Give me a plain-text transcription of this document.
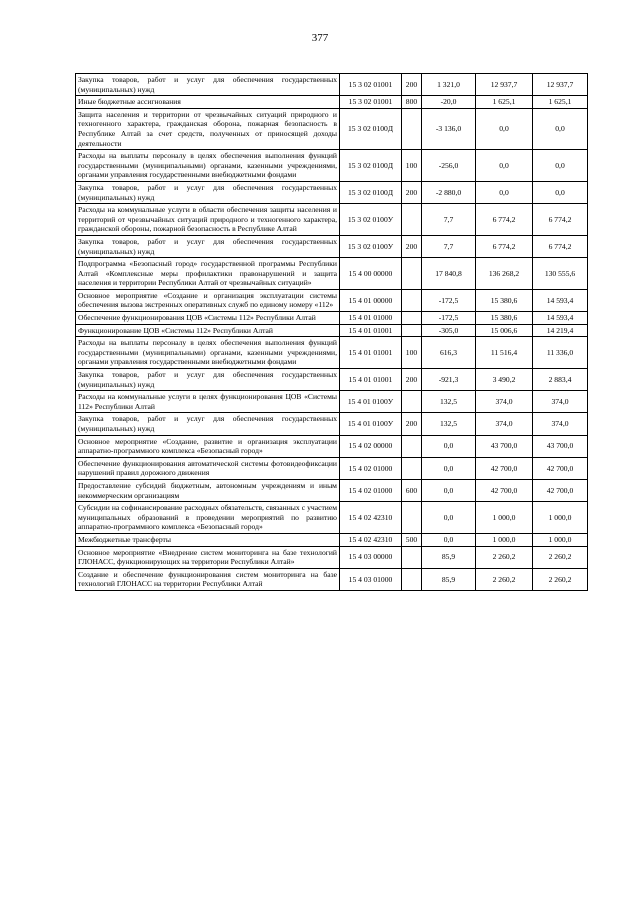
377
Закупка товаров, работ и услуг для обеспечения государственных (муниципальных) нужд	15 3 02 01001	200	1 321,0	12 937,7	12 937,7
Иные бюджетные ассигнования	15 3 02 01001	800	-20,0	1 625,1	1 625,1
Защита населения и территории от чрезвычайных ситуаций природного и техногенного характера, гражданская оборона, пожарная безопасность в Республике Алтай за счет средств, полученных от приносящей доходы деятельности	15 3 02 0100Д		-3 136,0	0,0	0,0
Расходы на выплаты персоналу в целях обеспечения выполнения функций государственными (муниципальными) органами, казенными учреждениями, органами управления государственными внебюджетными фондами	15 3 02 0100Д	100	-256,0	0,0	0,0
Закупка товаров, работ и услуг для обеспечения государственных (муниципальных) нужд	15 3 02 0100Д	200	-2 880,0	0,0	0,0
Расходы на коммунальные услуги в области обеспечения защиты населения и территорий от чрезвычайных ситуаций природного и техногенного характера, гражданской обороны, пожарной безопасность в Республике Алтай	15 3 02 0100У		7,7	6 774,2	6 774,2
Закупка товаров, работ и услуг для обеспечения государственных (муниципальных) нужд	15 3 02 0100У	200	7,7	6 774,2	6 774,2
Подпрограмма «Безопасный город» государственной программы Республики Алтай «Комплексные меры профилактики правонарушений и защита населения и территории Республики Алтай от чрезвычайных ситуаций»	15 4 00 00000		17 840,8	136 268,2	130 555,6
Основное мероприятие «Создание и организация эксплуатации системы обеспечения вызова экстренных оперативных служб по единому номеру «112»	15 4 01 00000		-172,5	15 380,6	14 593,4
Обеспечение функционирования ЦОВ «Системы 112» Республики Алтай	15 4 01 01000		-172,5	15 380,6	14 593,4
Функционирование ЦОВ «Системы 112» Республики Алтай	15 4 01 01001		-305,0	15 006,6	14 219,4
Расходы на выплаты персоналу в целях обеспечения выполнения функций государственными (муниципальными) органами, казенными учреждениями, органами управления государственными внебюджетными фондами	15 4 01 01001	100	616,3	11 516,4	11 336,0
Закупка товаров, работ и услуг для обеспечения государственных (муниципальных) нужд	15 4 01 01001	200	-921,3	3 490,2	2 883,4
Расходы на коммунальные услуги в целях функционирования ЦОВ «Системы 112» Республики Алтай	15 4 01 0100У		132,5	374,0	374,0
Закупка товаров, работ и услуг для обеспечения государственных (муниципальных) нужд	15 4 01 0100У	200	132,5	374,0	374,0
Основное мероприятие «Создание, развитие и организация эксплуатации аппаратно-программного комплекса «Безопасный город»	15 4 02 00000		0,0	43 700,0	43 700,0
Обеспечение функционирования автоматической системы фотовидеофиксации нарушений правил дорожного движения	15 4 02 01000		0,0	42 700,0	42 700,0
Предоставление субсидий бюджетным, автономным учреждениям и иным некоммерческим организациям	15 4 02 01000	600	0,0	42 700,0	42 700,0
Субсидии на софинансирование расходных обязательств, связанных с участием муниципальных образований в проведении мероприятий по развитию аппаратно-программного комплекса «Безопасный город»	15 4 02 42310		0,0	1 000,0	1 000,0
Межбюджетные трансферты	15 4 02 42310	500	0,0	1 000,0	1 000,0
Основное мероприятие «Внедрение систем мониторинга на базе технологий ГЛОНАСС, функционирующих на территории Республики Алтай»	15 4 03 00000		85,9	2 260,2	2 260,2
Создание и обеспечение функционирования систем мониторинга на базе технологий ГЛОНАСС на территории Республики Алтай	15 4 03 01000		85,9	2 260,2	2 260,2
